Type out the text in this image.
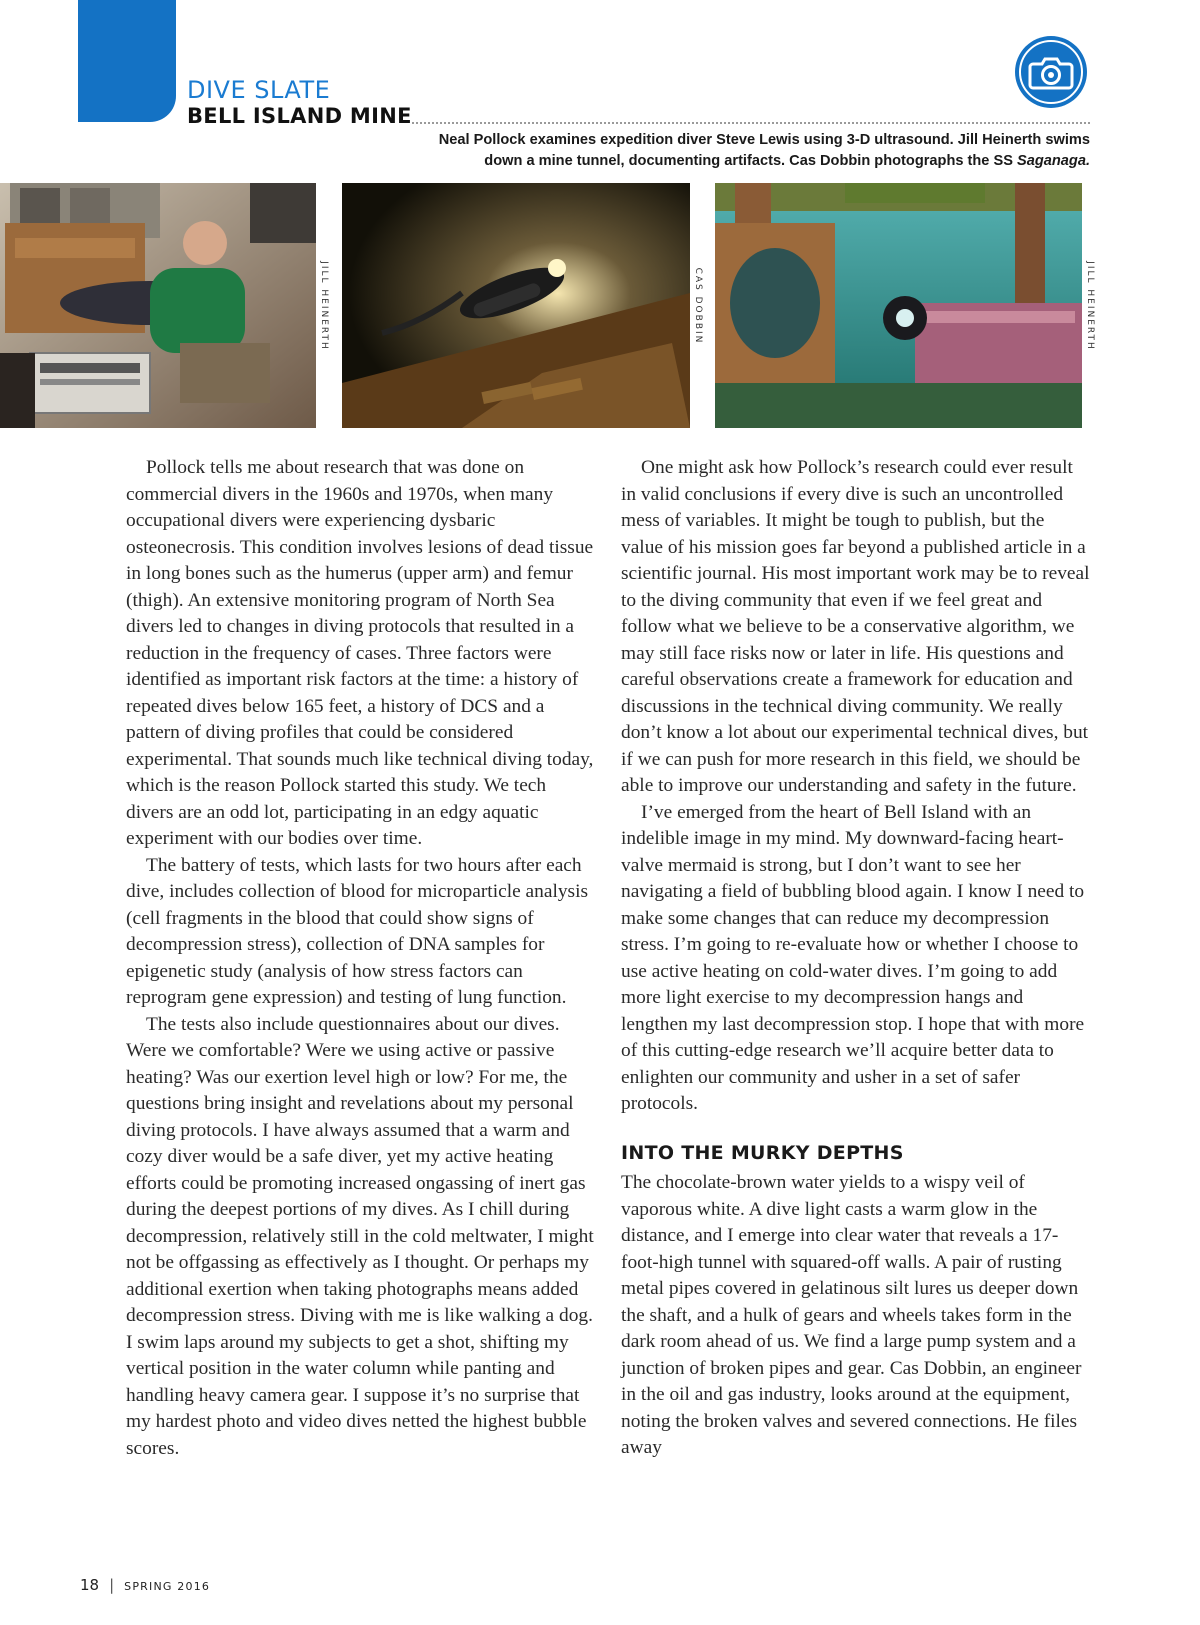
DIVE SLATE
BELL ISLAND MINE
Neal Pollock examines expedition diver Steve Lewis using 3-D ultrasound. Jill Heinerth swims
down a mine tunnel, documenting artifacts. Cas Dobbin photographs the SS Saganaga.
JILL HEINERTH	CAS DOBBIN	JILL HEINERTH

Pollock tells me about research that was done on commercial divers in the 1960s and 1970s, when many occupational divers were experiencing dysbaric osteonecrosis. This condition involves lesions of dead tissue in long bones such as the humerus (upper arm) and femur (thigh). An extensive monitoring program of North Sea divers led to changes in diving protocols that resulted in a reduction in the frequency of cases. Three factors were identified as important risk factors at the time: a history of repeated dives below 165 feet, a history of DCS and a pattern of diving profiles that could be considered experimental. That sounds much like technical diving today, which is the reason Pollock started this study. We tech divers are an odd lot, participating in an edgy aquatic experiment with our bodies over time.

The battery of tests, which lasts for two hours after each dive, includes collection of blood for microparticle analysis (cell fragments in the blood that could show signs of decompression stress), collection of DNA samples for epigenetic study (analysis of how stress factors can reprogram gene expression) and testing of lung function.

The tests also include questionnaires about our dives. Were we comfortable? Were we using active or passive heating? Was our exertion level high or low? For me, the questions bring insight and revelations about my personal diving protocols. I have always assumed that a warm and cozy diver would be a safe diver, yet my active heating efforts could be promoting increased ongassing of inert gas during the deepest portions of my dives. As I chill during decompression, relatively still in the cold meltwater, I might not be offgassing as effectively as I thought. Or perhaps my additional exertion when taking photographs means added decompression stress. Diving with me is like walking a dog. I swim laps around my subjects to get a shot, shifting my vertical position in the water column while panting and handling heavy camera gear. I suppose it’s no surprise that my hardest photo and video dives netted the highest bubble scores.

One might ask how Pollock’s research could ever result in valid conclusions if every dive is such an uncontrolled mess of variables. It might be tough to publish, but the value of his mission goes far beyond a published article in a scientific journal. His most important work may be to reveal to the diving community that even if we feel great and follow what we believe to be a conservative algorithm, we may still face risks now or later in life. His questions and careful observations create a framework for education and discussions in the technical diving community. We really don’t know a lot about our experimental technical dives, but if we can push for more research in this field, we should be able to improve our understanding and safety in the future.

I’ve emerged from the heart of Bell Island with an indelible image in my mind. My downward-facing heart-valve mermaid is strong, but I don’t want to see her navigating a field of bubbling blood again. I know I need to make some changes that can reduce my decompression stress. I’m going to re-evaluate how or whether I choose to use active heating on cold-water dives. I’m going to add more light exercise to my decompression hangs and lengthen my last decompression stop. I hope that with more of this cutting-edge research we’ll acquire better data to enlighten our community and usher in a set of safer protocols.

INTO THE MURKY DEPTHS

The chocolate-brown water yields to a wispy veil of vaporous white. A dive light casts a warm glow in the distance, and I emerge into clear water that reveals a 17-foot-high tunnel with squared-off walls. A pair of rusting metal pipes covered in gelatinous silt lures us deeper down the shaft, and a hulk of gears and wheels takes form in the dark room ahead of us. We find a large pump system and a junction of broken pipes and gear. Cas Dobbin, an engineer in the oil and gas industry, looks around at the equipment, noting the broken valves and severed connections. He files away

18 | SPRING 2016
